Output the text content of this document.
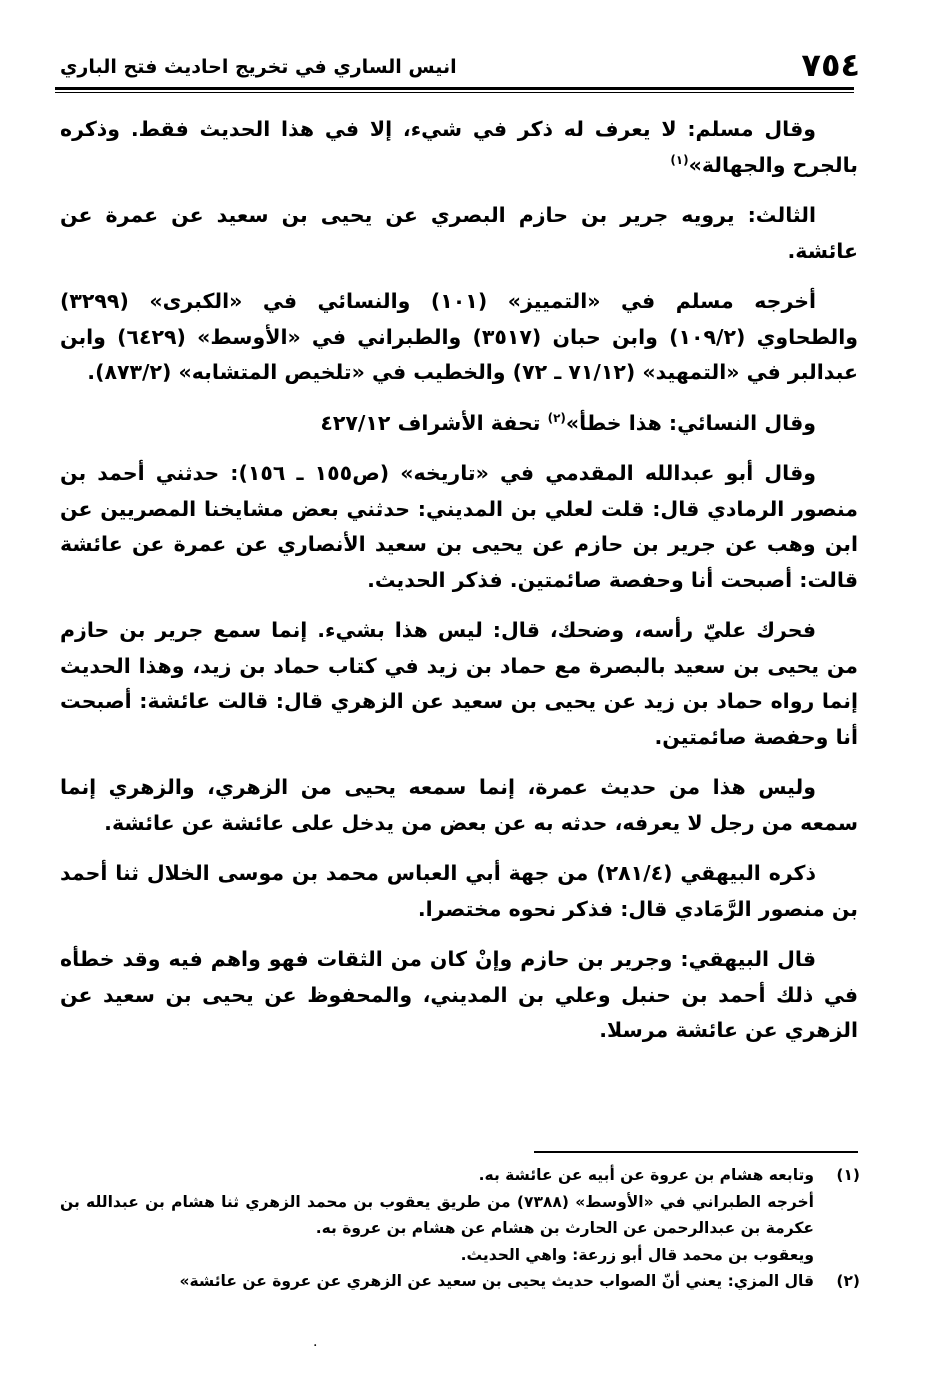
٧٥٤
انيس الساري في تخريج احاديث فتح الباري

وقال مسلم: لا يعرف له ذكر في شيء، إلا في هذا الحديث فقط. وذكره بالجرح والجهالة»$^{(١)}$

الثالث: يرويه جرير بن حازم البصري عن يحيى بن سعيد عن عمرة عن عائشة.

أخرجه مسلم في «التمييز» (١٠١) والنسائي في «الكبرى» (٣٢٩٩) والطحاوي (١٠٩/٢) وابن حبان (٣٥١٧) والطبراني في «الأوسط» (٦٤٢٩) وابن عبدالبر في «التمهيد» (٧١/١٢ ـ ٧٢) والخطيب في «تلخيص المتشابه» (٨٧٣/٢).

وقال النسائي: هذا خطأ»$^{(٢)}$ تحفة الأشراف ٤٢٧/١٢

وقال أبو عبدالله المقدمي في «تاريخه» (ص١٥٥ ـ ١٥٦): حدثني أحمد بن منصور الرمادي قال: قلت لعلي بن المديني: حدثني بعض مشايخنا المصريين عن ابن وهب عن جرير بن حازم عن يحيى بن سعيد الأنصاري عن عمرة عن عائشة قالت: أصبحت أنا وحفصة صائمتين. فذكر الحديث.

فحرك عليّ رأسه، وضحك، قال: ليس هذا بشيء. إنما سمع جرير بن حازم من يحيى بن سعيد بالبصرة مع حماد بن زيد في كتاب حماد بن زيد، وهذا الحديث إنما رواه حماد بن زيد عن يحيى بن سعيد عن الزهري قال: قالت عائشة: أصبحت أنا وحفصة صائمتين.

وليس هذا من حديث عمرة، إنما سمعه يحيى من الزهري، والزهري إنما سمعه من رجل لا يعرفه، حدثه به عن بعض من يدخل على عائشة عن عائشة.

ذكره البيهقي (٢٨١/٤) من جهة أبي العباس محمد بن موسى الخلال ثنا أحمد بن منصور الرَّمَادي قال: فذكر نحوه مختصرا.

قال البيهقي: وجرير بن حازم وإنْ كان من الثقات فهو واهم فيه وقد خطأه في ذلك أحمد بن حنبل وعلي بن المديني، والمحفوظ عن يحيى بن سعيد عن الزهري عن عائشة مرسلا.

(١)
وتابعه هشام بن عروة عن أبيه عن عائشة به.
أخرجه الطبراني في «الأوسط» (٧٣٨٨) من طريق يعقوب بن محمد الزهري ثنا هشام بن عبدالله بن عكرمة بن عبدالرحمن عن الحارث بن هشام عن هشام بن عروة به.
ويعقوب بن محمد قال أبو زرعة: واهي الحديث.
(٢)
قال المزي: يعني أنّ الصواب حديث يحيى بن سعيد عن الزهري عن عروة عن عائشة»
·
